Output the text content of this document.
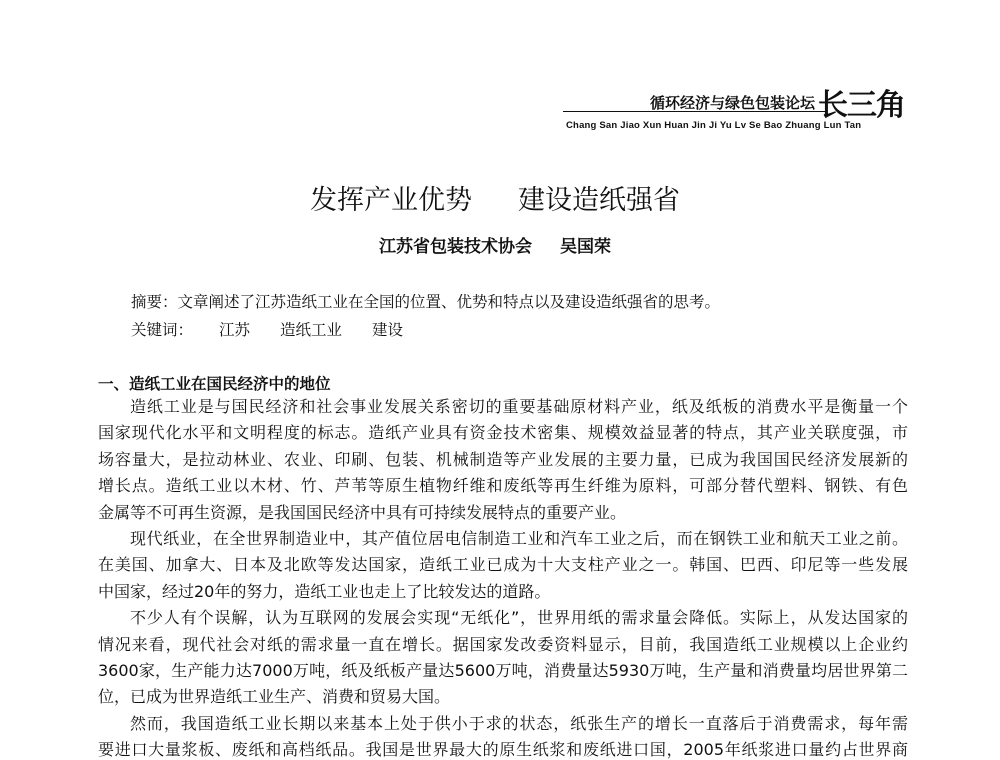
循环经济与绿色包装论坛 长三角
Chang San Jiao Xun Huan Jin Ji Yu Lv Se Bao Zhuang Lun Tan
发挥产业优势 建设造纸强省
江苏省包装技术协会 吴国荣
摘要：文章阐述了江苏造纸工业在全国的位置、优势和特点以及建设造纸强省的思考。
关键词： 江苏 造纸工业 建设
一、造纸工业在国民经济中的地位
造纸工业是与国民经济和社会事业发展关系密切的重要基础原材料产业，纸及纸板的消费水平是衡量一个
国家现代化水平和文明程度的标志。造纸产业具有资金技术密集、规模效益显著的特点，其产业关联度强，市
场容量大，是拉动林业、农业、印刷、包装、机械制造等产业发展的主要力量，已成为我国国民经济发展新的
增长点。造纸工业以木材、竹、芦苇等原生植物纤维和废纸等再生纤维为原料，可部分替代塑料、钢铁、有色
金属等不可再生资源，是我国国民经济中具有可持续发展特点的重要产业。
现代纸业，在全世界制造业中，其产值位居电信制造工业和汽车工业之后，而在钢铁工业和航天工业之前。
在美国、加拿大、日本及北欧等发达国家，造纸工业已成为十大支柱产业之一。韩国、巴西、印尼等一些发展
中国家，经过20年的努力，造纸工业也走上了比较发达的道路。
不少人有个误解，认为互联网的发展会实现“无纸化”，世界用纸的需求量会降低。实际上，从发达国家的
情况来看，现代社会对纸的需求量一直在增长。据国家发改委资料显示，目前，我国造纸工业规模以上企业约
3600家，生产能力达7000万吨，纸及纸板产量达5600万吨，消费量达5930万吨，生产量和消费量均居世界第二
位，已成为世界造纸工业生产、消费和贸易大国。
然而，我国造纸工业长期以来基本上处于供小于求的状态，纸张生产的增长一直落后于消费需求，每年需
要进口大量浆板、废纸和高档纸品。我国是世界最大的原生纸浆和废纸进口国，2005年纸浆进口量约占世界商
